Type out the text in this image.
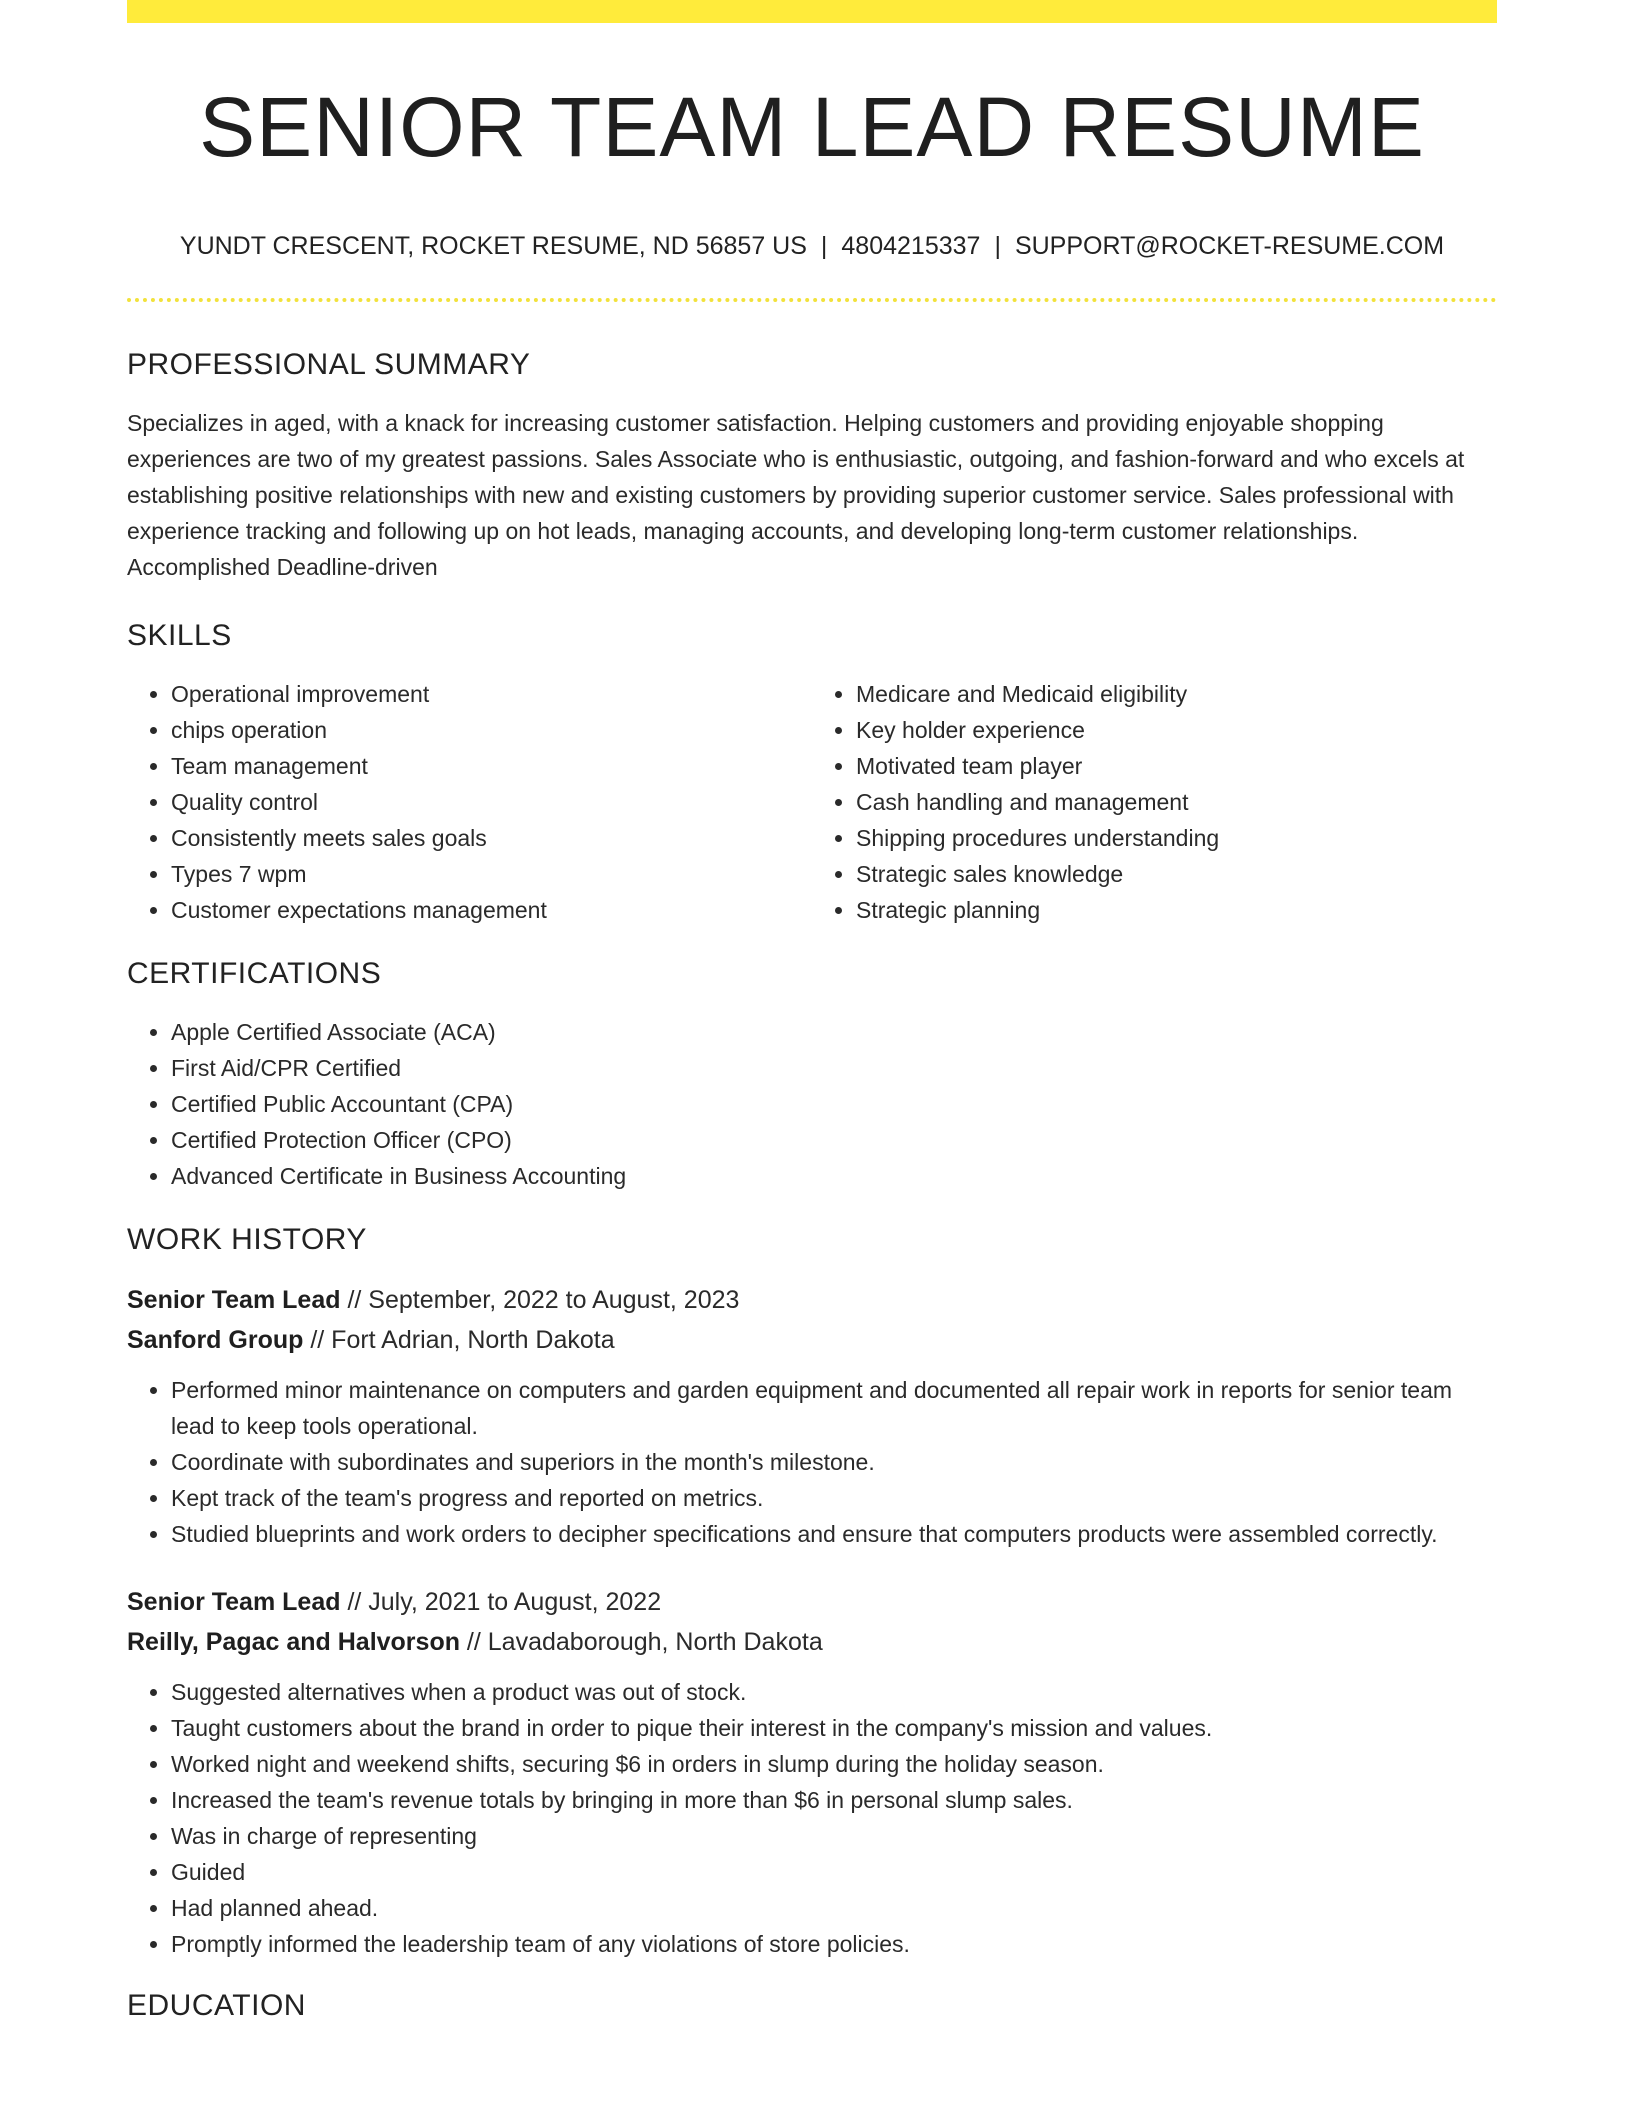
SENIOR TEAM LEAD RESUME
YUNDT CRESCENT, ROCKET RESUME, ND 56857 US | 4804215337 | SUPPORT@ROCKET-RESUME.COM
PROFESSIONAL SUMMARY

Specializes in aged, with a knack for increasing customer satisfaction. Helping customers and providing enjoyable shopping experiences are two of my greatest passions. Sales Associate who is enthusiastic, outgoing, and fashion-forward and who excels at establishing positive relationships with new and existing customers by providing superior customer service. Sales professional with experience tracking and following up on hot leads, managing accounts, and developing long-term customer relationships. Accomplished Deadline-driven

SKILLS
• Operational improvement
• chips operation
• Team management
• Quality control
• Consistently meets sales goals
• Types 7 wpm
• Customer expectations management
• Medicare and Medicaid eligibility
• Key holder experience
• Motivated team player
• Cash handling and management
• Shipping procedures understanding
• Strategic sales knowledge
• Strategic planning
CERTIFICATIONS
• Apple Certified Associate (ACA)
• First Aid/CPR Certified
• Certified Public Accountant (CPA)
• Certified Protection Officer (CPO)
• Advanced Certificate in Business Accounting
WORK HISTORY
Senior Team Lead // September, 2022 to August, 2023
Sanford Group // Fort Adrian, North Dakota
• Performed minor maintenance on computers and garden equipment and documented all repair work in reports for senior team lead to keep tools operational.
• Coordinate with subordinates and superiors in the month's milestone.
• Kept track of the team's progress and reported on metrics.
• Studied blueprints and work orders to decipher specifications and ensure that computers products were assembled correctly.
Senior Team Lead // July, 2021 to August, 2022
Reilly, Pagac and Halvorson // Lavadaborough, North Dakota
• Suggested alternatives when a product was out of stock.
• Taught customers about the brand in order to pique their interest in the company's mission and values.
• Worked night and weekend shifts, securing $6 in orders in slump during the holiday season.
• Increased the team's revenue totals by bringing in more than $6 in personal slump sales.
• Was in charge of representing
• Guided
• Had planned ahead.
• Promptly informed the leadership team of any violations of store policies.
EDUCATION
